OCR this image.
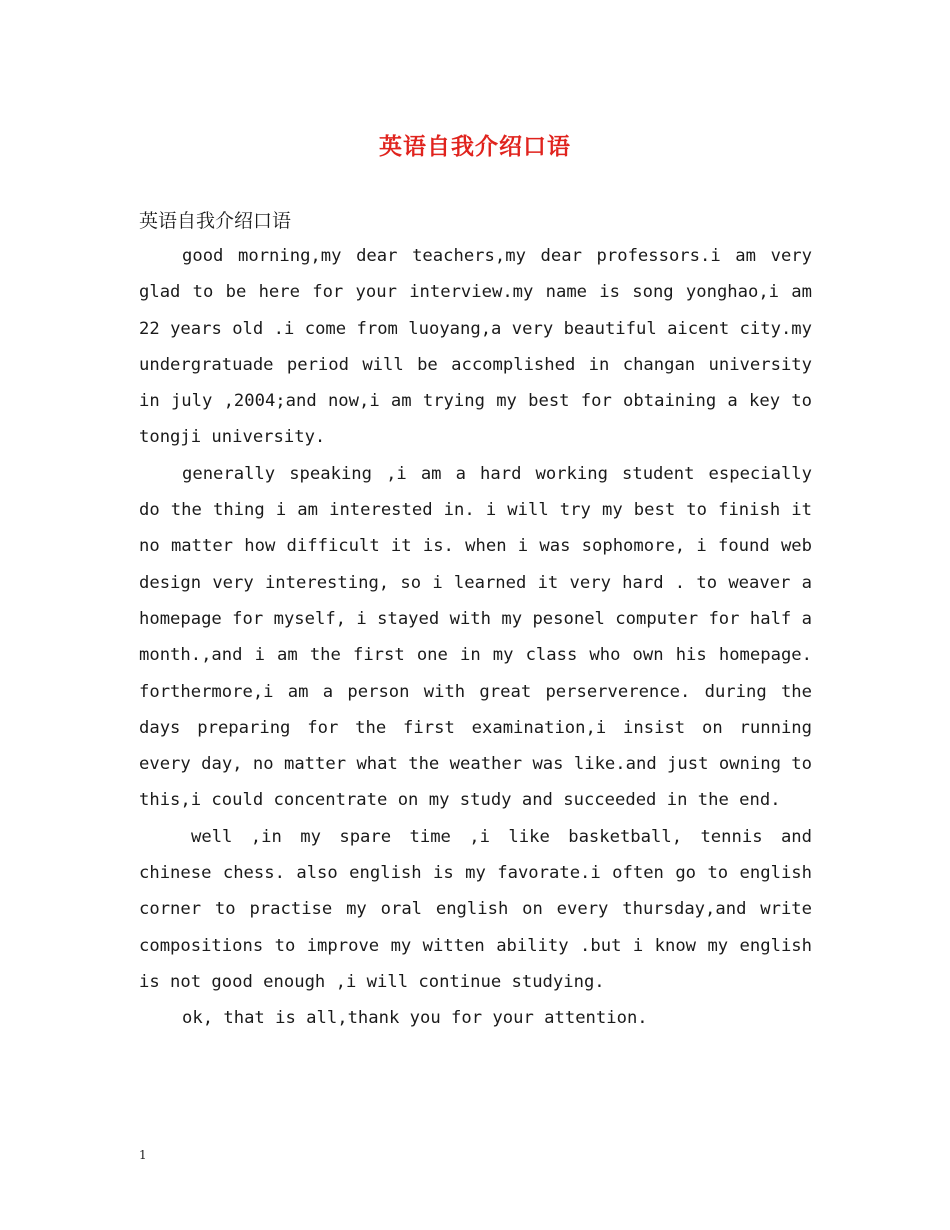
英语自我介绍口语
英语自我介绍口语

good morning,my dear teachers,my dear professors.i am very glad to be here for your interview.my name is song yonghao,i am 22 years old .i come from luoyang,a very beautiful aicent city.my undergratuade period will be accomplished in changan university in july ,2004;and now,i am trying my best for obtaining a key to tongji university.

generally speaking ,i am a hard working student especially do the thing i am interested in. i will try my best to finish it no matter how difficult it is. when i was sophomore, i found web design very interesting, so i learned it very hard . to weaver a homepage for myself, i stayed with my pesonel computer for half a month.,and i am the first one in my class who own his homepage. forthermore,i am a person with great perserverence. during the days preparing for the first examination,i insist on running every day, no matter what the weather was like.and just owning to this,i could concentrate on my study and succeeded in the end.

well ,in my spare time ,i like basketball, tennis and chinese chess. also english is my favorate.i often go to english corner to practise my oral english on every thursday,and write compositions to improve my witten ability .but i know my english is not good enough ,i will continue studying.

ok, that is all,thank you for your attention.

1
